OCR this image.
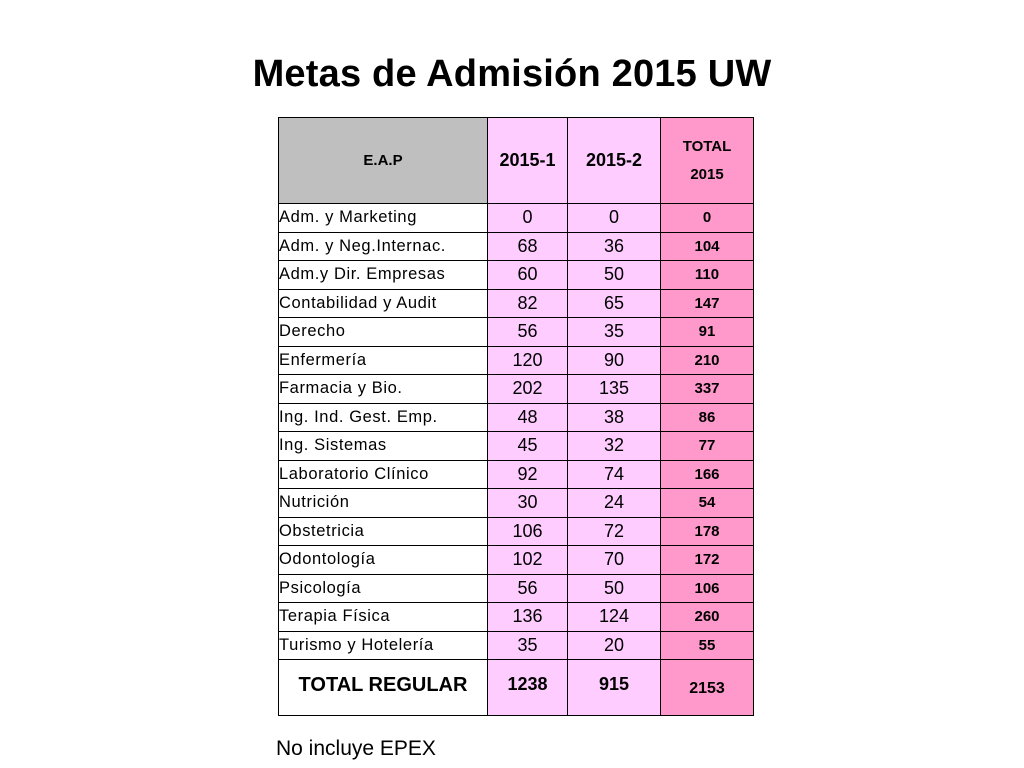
Metas de Admisión 2015 UW
E.A.P	2015-1	2015-2	TOTAL
2015

Adm. y Marketing	0	0	0
Adm. y Neg.Internac.	68	36	104
Adm.y Dir. Empresas	60	50	110
Contabilidad y Audit	82	65	147
Derecho	56	35	91
Enfermería	120	90	210
Farmacia y Bio.	202	135	337
Ing. Ind. Gest. Emp.	48	38	86
Ing. Sistemas	45	32	77
Laboratorio Clínico	92	74	166
Nutrición	30	24	54
Obstetricia	106	72	178
Odontología	102	70	172
Psicología	56	50	106
Terapia Física	136	124	260
Turismo y Hotelería	35	20	55
TOTAL REGULAR	1238	915	2153
No incluye EPEX
